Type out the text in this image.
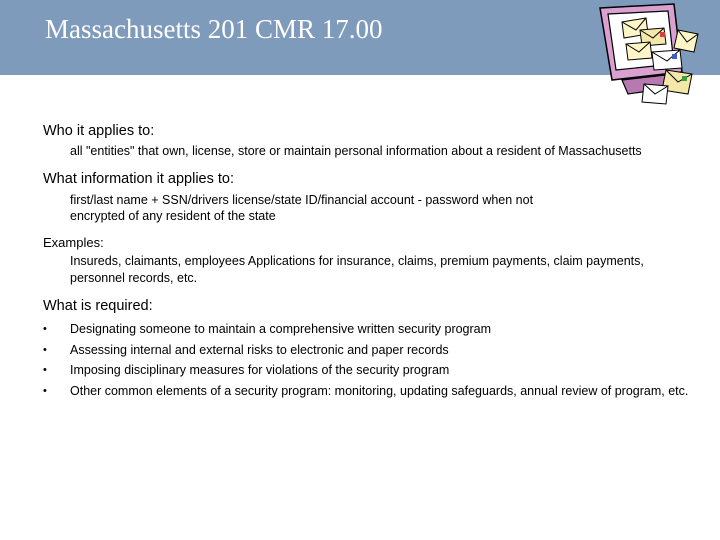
Massachusetts 201 CMR 17.00

Who it applies to:

all "entities" that own, license, store or maintain personal information about a resident of Massachusetts

What information it applies to:

first/last name + SSN/drivers license/state ID/financial account - password when not encrypted of any resident of the state

Examples:

Insureds, claimants, employees Applications for insurance, claims, premium payments, claim payments, personnel records, etc.

What is required:

• Designating someone to maintain a comprehensive written security program
• Assessing internal and external risks to electronic and paper records
• Imposing disciplinary measures for violations of the security program
• Other common elements of a security program: monitoring, updating safeguards, annual review of program, etc.
